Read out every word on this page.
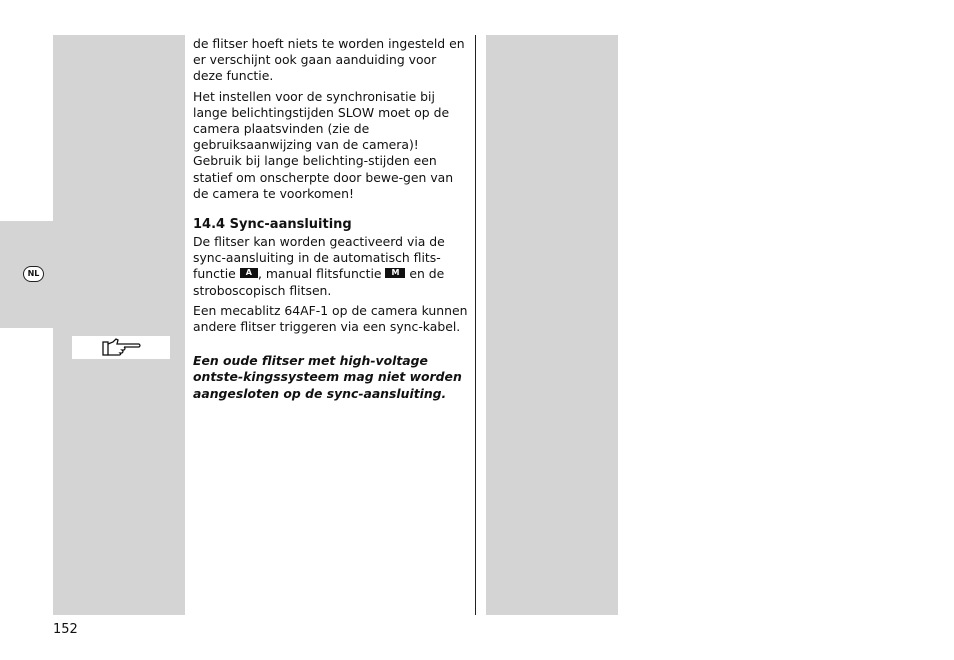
NL

de flitser hoeft niets te worden ingesteld en er verschijnt ook gaan aanduiding voor deze functie.

Het instellen voor de synchronisatie bij lange belichtingstijden SLOW moet op de camera plaatsvinden (zie de gebruiksaanwijzing van de camera)! Gebruik bij lange belichting-stijden een statief om onscherpte door bewe-gen van de camera te voorkomen!

14.4 Sync-aansluiting

De flitser kan worden geactiveerd via de sync-aansluiting in de automatisch flits-functie A , manual flitsfunctie M en de stroboscopisch flitsen.

Een mecablitz 64AF-1 op de camera kunnen andere flitser triggeren via een sync-kabel.

Een oude flitser met high-voltage ontste-kingssysteem mag niet worden aangesloten op de sync-aansluiting.

152
